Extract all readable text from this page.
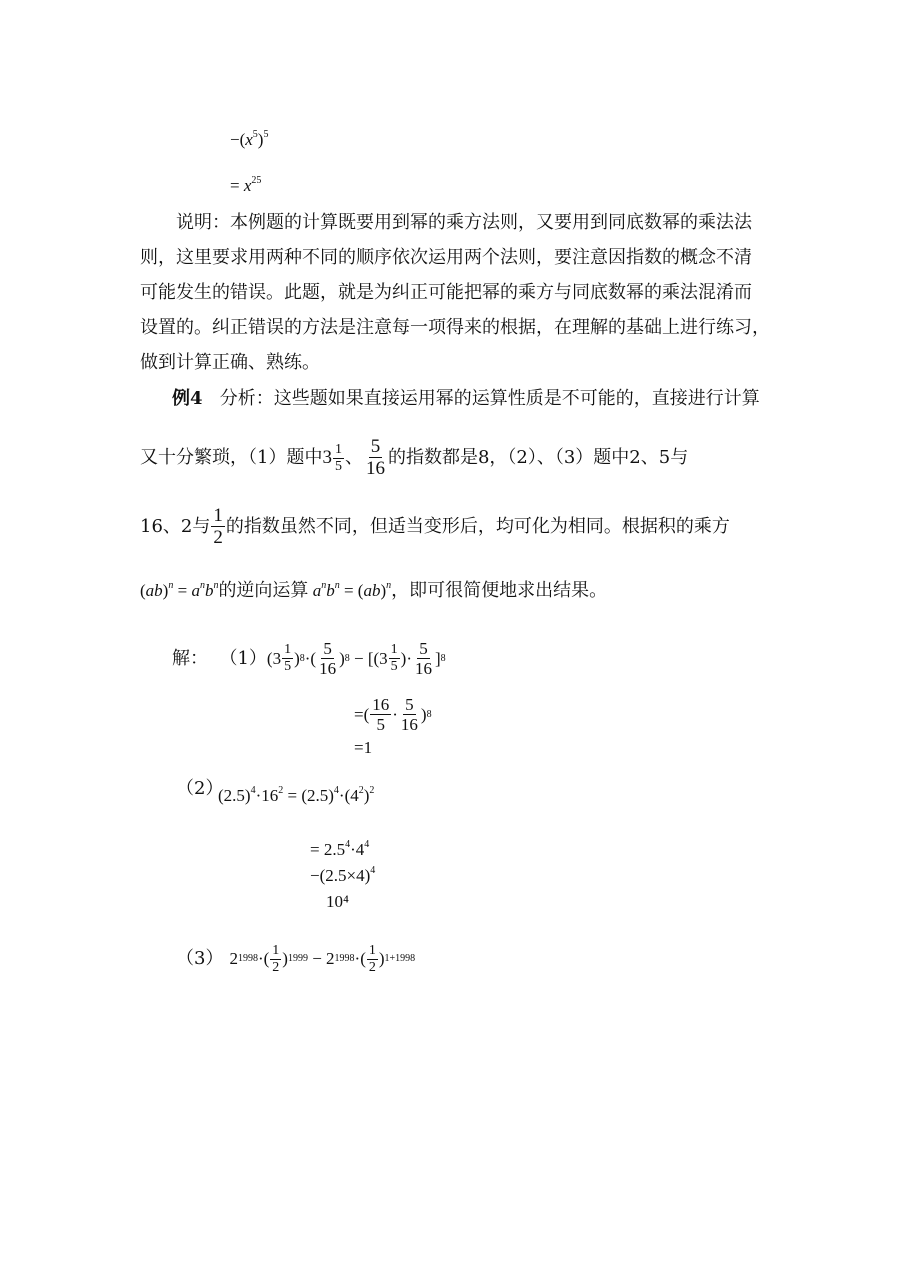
$-(x^5)^5$
= $x^{25}$
说明：本例题的计算既要用到幂的乘方法则，又要用到同底数幂的乘法法
则，这里要求用两种不同的顺序依次运用两个法则，要注意因指数的概念不清
可能发生的错误。此题，就是为纠正可能把幂的乘方与同底数幂的乘法混淆而
设置的。纠正错误的方法是注意每一项得来的根据，在理解的基础上进行练习，
做到计算正确、熟练。
例4 分析：这些题如果直接运用幂的运算性质是不可能的，直接进行计算
又十分繁琐，（1）题中 $3 \frac{1}{5}$ 、 $\frac{5}{16}$ 的指数都是8，（2）、（3）题中2、5与
16、2与 $\frac{1}{2}$ 的指数虽然不同，但适当变形后，均可化为相同。根据积的乘方
$(ab)^n = a^nb^n$ 的逆向运算 $a^nb^n = (ab)^n$ ，即可很简便地求出结果。
解：
（1） ($3 \frac{1}{5}$ ) 8 ·( $\frac{5}{16}$ ) $8 - [(3 \frac{1}{5}$ )· $\frac{5}{16}$ ] 8
=( $\frac{16}{5} \cdot \frac{5}{16}$ ) 8
=1
（2）
$(2.5)^4\cdot 16^2 = (2.5)^4\cdot(4^2)^2$
= $2.5^4\cdot 4^4$
$-(2.5\times 4)^4$
10⁴
（3） 2 1998 ·( $\frac{1}{2}$ ) 1999 − 2 1998 ·( $\frac{1}{2}$ ) 1+1998
